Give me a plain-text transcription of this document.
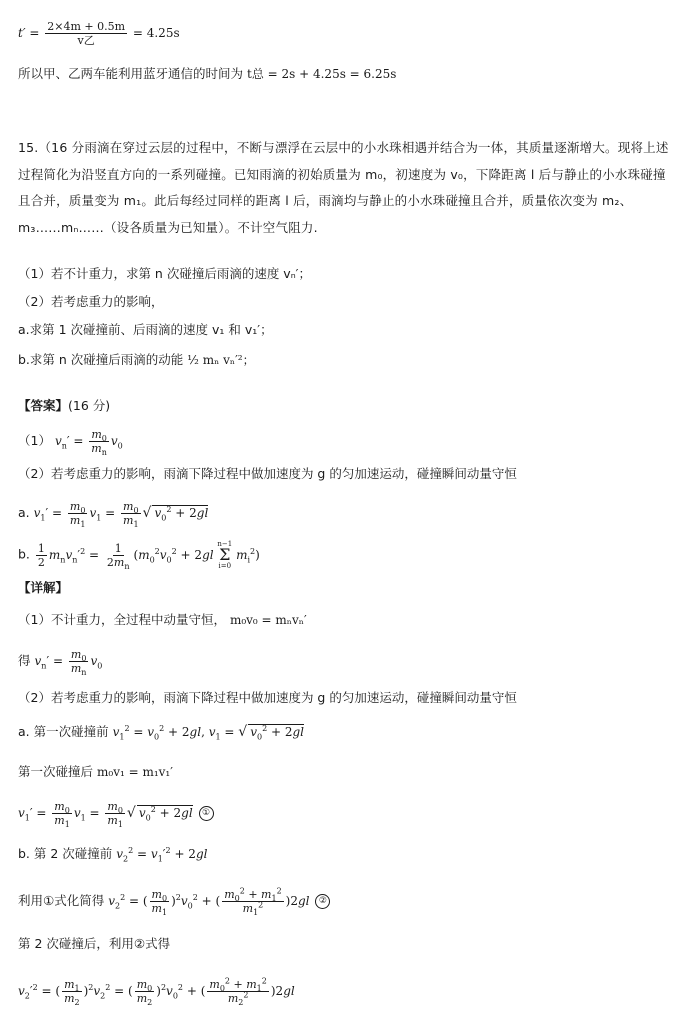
$t' = \frac{2\times 4m + 0.5m}{\text{v乙}} = 4.25s$
所以甲、乙两车能利用蓝牙通信的时间为 t总 = 2s + 4.25s = 6.25s
15.（16 分雨滴在穿过云层的过程中，不断与漂浮在云层中的小水珠相遇并结合为一体，其质量逐渐增大。现将上述过程简化为沿竖直方向的一系列碰撞。已知雨滴的初始质量为 m₀，初速度为 v₀，下降距离 l 后与静止的小水珠碰撞且合并，质量变为 m₁。此后每经过同样的距离 l 后，雨滴均与静止的小水珠碰撞且合并，质量依次变为 m₂、m₃……mₙ……（设各质量为已知量）。不计空气阻力.
（1）若不计重力，求第 n 次碰撞后雨滴的速度 vₙ′；
（2）若考虑重力的影响，
a.求第 1 次碰撞前、后雨滴的速度 v₁ 和 v₁′；
b.求第 n 次碰撞后雨滴的动能 ½ mₙ vₙ′²；
【答案】(16 分)
（1） $v_n' = \frac{m_0}{m_n} v_0$
（2）若考虑重力的影响，雨滴下降过程中做加速度为 g 的匀加速运动，碰撞瞬间动量守恒
a. $v_1' = \frac{m_0}{m_1} v_1 = \frac{m_0}{m_1}$ √ $v_0^2 + 2gl$
b. $\frac{1}{2} m_nv_n'^2 = \frac{1}{2m_n} (m_0^2v_0^2 + 2gl$
n−1
Σ
i=0
$m_i^2$)
【详解】
（1）不计重力，全过程中动量守恒， m₀v₀ = mₙvₙ′
得 $v_n' = \frac{m_0}{m_n} v_0$
（2）若考虑重力的影响，雨滴下降过程中做加速度为 g 的匀加速运动，碰撞瞬间动量守恒
a. 第一次碰撞前 $v_1^2 = v_0^2 + 2gl$, $v_1$ = √ $v_0^2 + 2gl$
第一次碰撞后 m₀v₁ = m₁v₁′
$v_1' = \frac{m_0}{m_1} v_1 = \frac{m_0}{m_1}$ √ $v_0^2 + 2gl$ ①
b. 第 2 次碰撞前 $v_2^2 = v_1'^2 + 2gl$
利用①式化简得 $v_2^2$ = ( $\frac{m_0}{m_1} )^2v_0^2$ + ( $\frac{m_0^2 + m_1^2}{m_1^2} )2gl$ ②
第 2 次碰撞后，利用②式得
$v_2'^2$ = ( $\frac{m_1}{m_2} )^2v_2^2$ = ( $\frac{m_0}{m_2} )^2v_0^2$ + ( $\frac{m_0^2 + m_1^2}{m_2^2} )2gl$
